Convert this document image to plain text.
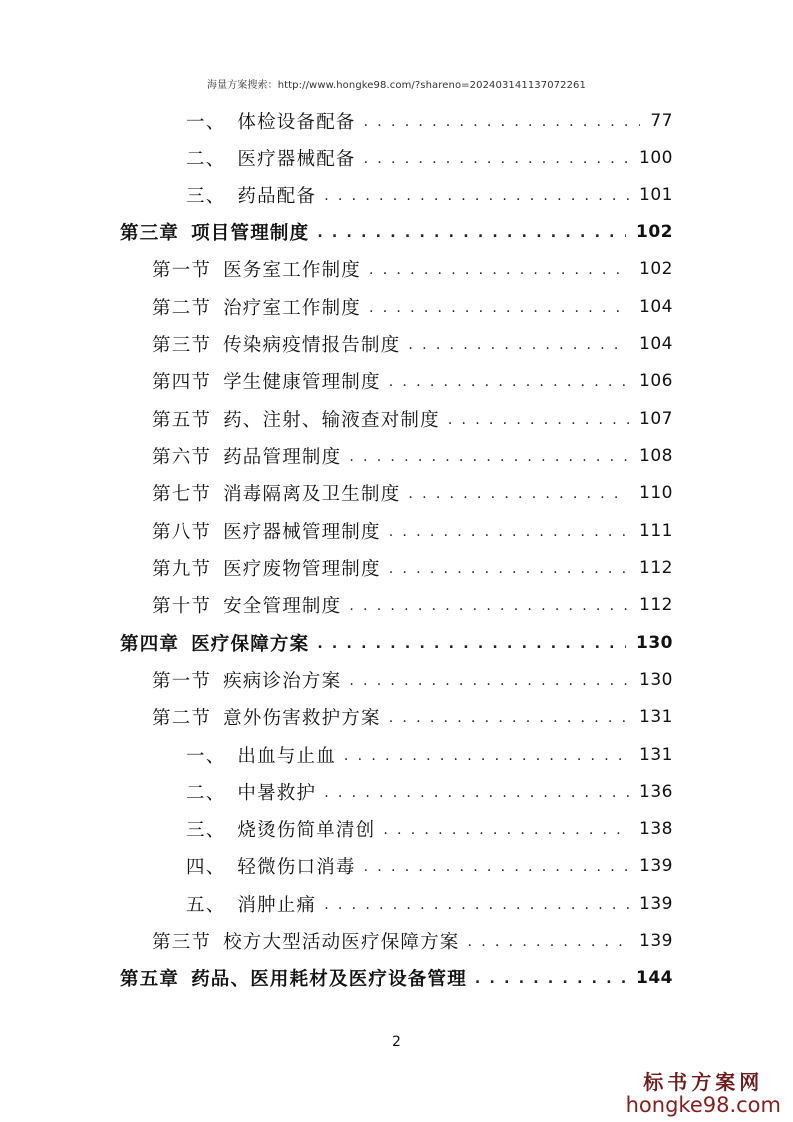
海量方案搜索：http://www.hongke98.com/?shareno=20240314113707226​1
一、 体检设备配备 . . .	77
二、 医疗器械配备 . . .	100
三、 药品配备 . . .	101
第三章 项目管理制度 . . .	102
第一节 医务室工作制度 . . .	102
第二节 治疗室工作制度 . . .	104
第三节 传染病疫情报告制度 . . .	104
第四节 学生健康管理制度 . . .	106
第五节 药、注射、输液查对制度 . . .	107
第六节 药品管理制度 . . .	108
第七节 消毒隔离及卫生制度 . . .	110
第八节 医疗器械管理制度 . . .	111
第九节 医疗废物管理制度 . . .	112
第十节 安全管理制度 . . .	112
第四章 医疗保障方案 . . .	130
第一节 疾病诊治方案 . . .	130
第二节 意外伤害救护方案 . . .	131
一、 出血与止血 . . .	131
二、 中暑救护 . . .	136
三、 烧烫伤简单清创 . . .	138
四、 轻微伤口消毒 . . .	139
五、 消肿止痛 . . .	139
第三节 校方大型活动医疗保障方案 . . .	139
第五章 药品、医用耗材及医疗设备管理 . . .	144
2
标书方案网
hongke98.com
